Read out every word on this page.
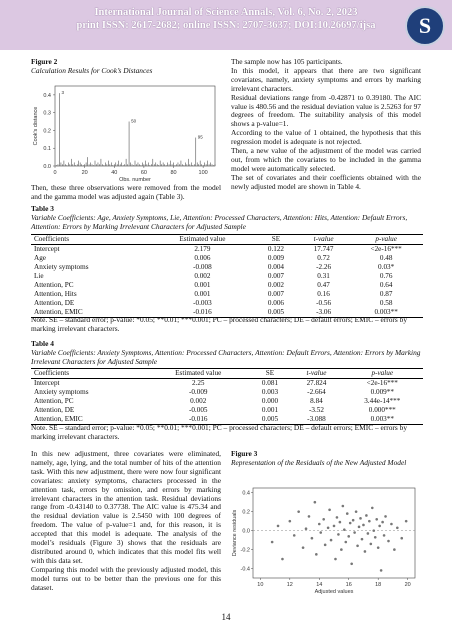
International Journal of Science Annals, Vol. 6, No. 2, 2023
print ISSN: 2617-2682; online ISSN: 2707-3637; DOI:10.26697/ijsa	S

Figure 2

Calculation Results for Cook’s Distances

0.0
0.1
0.2
0.3
0.4
0	20	40	60	80	100
3
50
95
Obs. number
Cook's distance
Then, these three observations were removed from the model and the gamma model was adjusted again (Table 3).

The sample now has 105 participants.

In this model, it appears that there are two significant covariates, namely, anxiety symptoms and errors by marking irrelevant characters.

Residual deviations range from -0.42871 to 0.39180. The AIC value is 480.56 and the residual deviation value is 2.5263 for 97 degrees of freedom. The suitability analysis of this model shows a p-value=1.

According to the value of 1 obtained, the hypothesis that this regression model is adequate is not rejected.

Then, a new value of the adjustment of the model was carried out, from which the covariates to be included in the gamma model were automatically selected.

The set of covariates and their coefficients obtained with the newly adjusted model are shown in Table 4.

Table 3

Variable Coefficients: Age, Anxiety Symptoms, Lie, Attention: Processed Characters, Attention: Hits, Attention: Default Errors, Attention: Errors by Marking Irrelevant Characters for Adjusted Sample

Coefficients	Estimated value	SE	t-value	p-value
Intercept	2.179	0.122	17.747	<2e-16***
Age	0.006	0.009	0.72	0.48
Anxiety symptoms	-0.008	0.004	-2.26	0.03*
Lie	0.002	0.007	0.31	0.76
Attention, PC	0.001	0.002	0.47	0.64
Attention, Hits	0.001	0.007	0.16	0.87
Attention, DE	-0.003	0.006	-0.56	0.58
Attention, EMIC	-0.016	0.005	-3.06	0.003**
Note. SE – standard error; p-value: *0.05; **0.01; ***0.001; PC – processed characters; DE – default errors; EMIC – errors by marking irrelevant characters.

Table 4

Variable Coefficients: Anxiety Symptoms, Attention: Processed Characters, Attention: Default Errors, Attention: Errors by Marking Irrelevant Characters for Adjusted Sample

Coefficients	Estimated value	SE	t-value	p-value
Intercept	2.25	0.081	27.824	<2e-16***
Anxiety symptoms	-0.009	0.003	-2.664	0.009**
Attention, PC	0.002	0.000	8.84	3.44e-14***
Attention, DE	-0.005	0.001	-3.52	0.000***
Attention, EMIC	-0.016	0.005	-3.088	0.003**
Note. SE – standard error; p-value: *0.05; **0.01; ***0.001; PC – processed characters; DE – default errors; EMIC – errors by marking irrelevant characters.

In this new adjustment, three covariates were eliminated, namely, age, lying, and the total number of hits of the attention task. With this new adjustment, there were now four significant covariates: anxiety symptoms, characters processed in the attention task, errors by omission, and errors by marking irrelevant characters in the attention task. Residual deviations range from -0.43140 to 0.37738. The AIC value is 475.34 and the residual deviation value is 2.5450 with 100 degrees of freedom. The value of p-value=1 and, for this reason, it is accepted that this model is adequate. The analysis of the model’s residuals (Figure 3) shows that the residuals are distributed around 0, which indicates that this model fits well with this data set.

Comparing this model with the previously adjusted model, this model turns out to be better than the previous one for this dataset.

Figure 3

Representation of the Residuals of the New Adjusted Model

0.4
0.2
0.0
-0.2
-0.4
10	12	14	16	18	20
Adjusted values
Deviance residuals
14
